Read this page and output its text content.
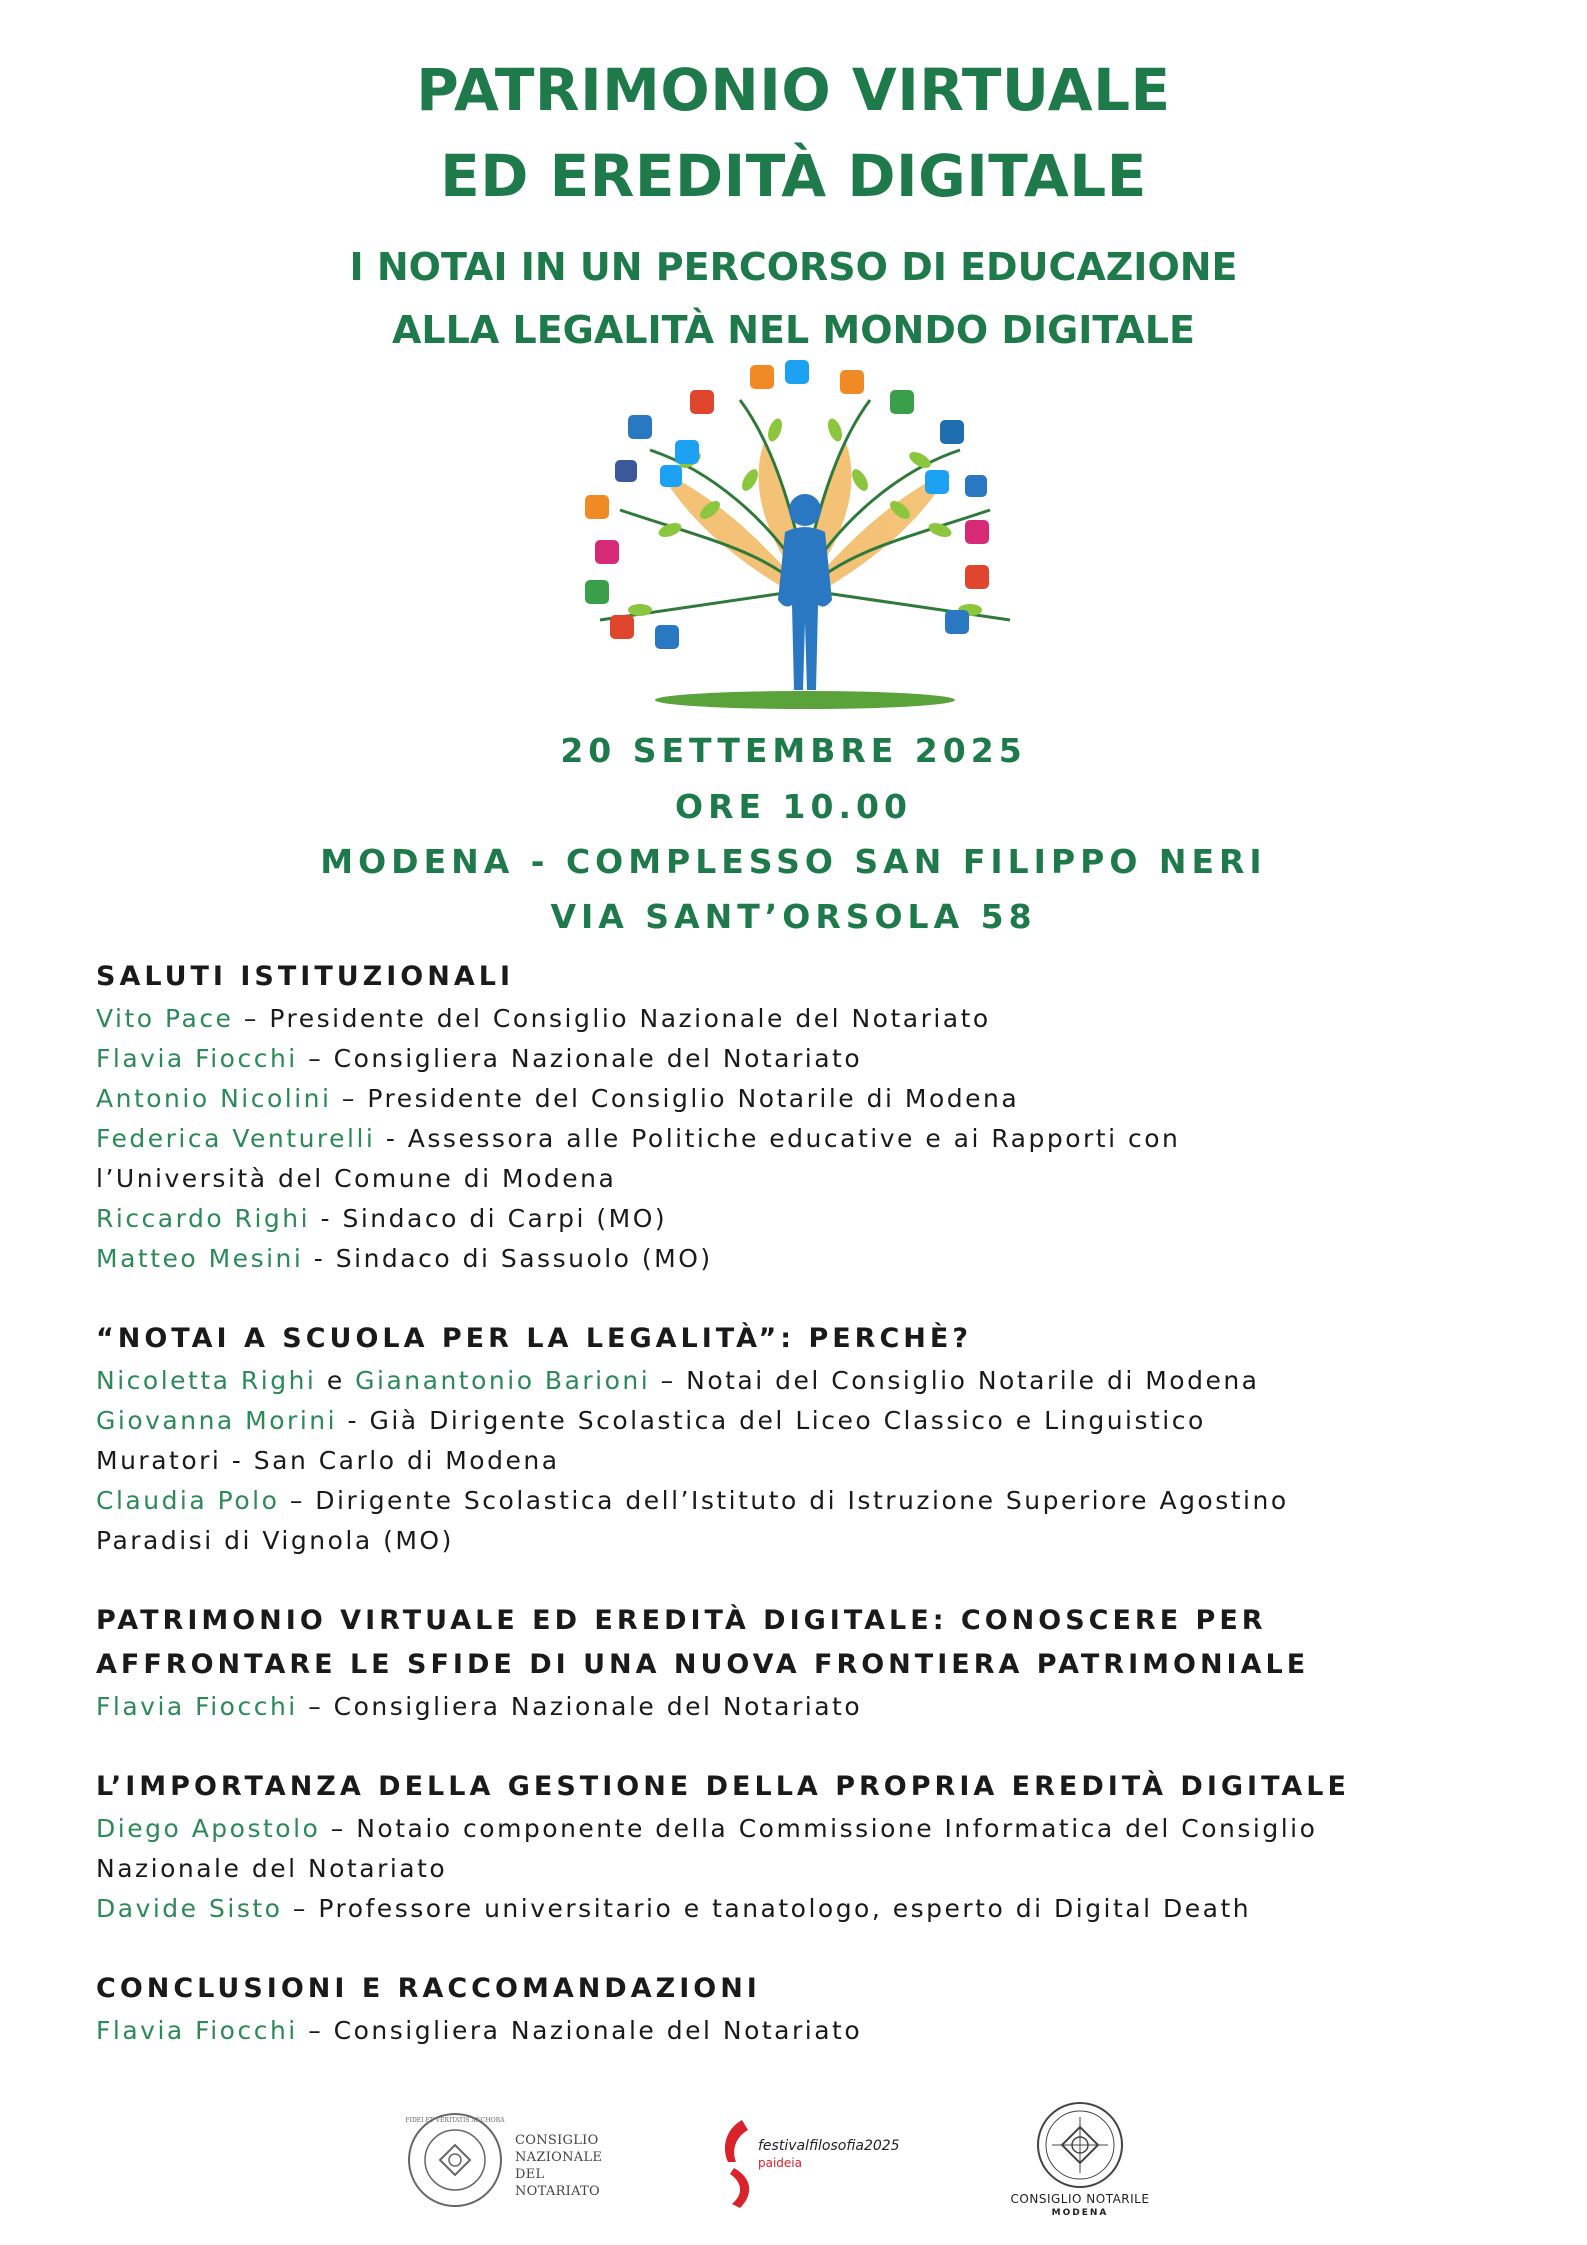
PATRIMONIO VIRTUALE
ED EREDITÀ DIGITALE
I NOTAI IN UN PERCORSO DI EDUCAZIONE
ALLA LEGALITÀ NEL MONDO DIGITALE
20 SETTEMBRE 2025
ORE 10.00
MODENA - COMPLESSO SAN FILIPPO NERI
VIA SANT’ORSOLA 58
SALUTI ISTITUZIONALI
Vito Pace – Presidente del Consiglio Nazionale del Notariato
Flavia Fiocchi – Consigliera Nazionale del Notariato
Antonio Nicolini – Presidente del Consiglio Notarile di Modena
Federica Venturelli - Assessora alle Politiche educative e ai Rapporti con
l’Università del Comune di Modena
Riccardo Righi - Sindaco di Carpi (MO)
Matteo Mesini - Sindaco di Sassuolo (MO)
“NOTAI A SCUOLA PER LA LEGALITÀ”: PERCHÈ?
Nicoletta Righi e Gianantonio Barioni – Notai del Consiglio Notarile di Modena
Giovanna Morini - Già Dirigente Scolastica del Liceo Classico e Linguistico
Muratori - San Carlo di Modena
Claudia Polo – Dirigente Scolastica dell’Istituto di Istruzione Superiore Agostino
Paradisi di Vignola (MO)
PATRIMONIO VIRTUALE ED EREDITÀ DIGITALE: CONOSCERE PER
AFFRONTARE LE SFIDE DI UNA NUOVA FRONTIERA PATRIMONIALE
Flavia Fiocchi – Consigliera Nazionale del Notariato
L’IMPORTANZA DELLA GESTIONE DELLA PROPRIA EREDITÀ DIGITALE
Diego Apostolo – Notaio componente della Commissione Informatica del Consiglio
Nazionale del Notariato
Davide Sisto – Professore universitario e tanatologo, esperto di Digital Death
CONCLUSIONI E RACCOMANDAZIONI
Flavia Fiocchi – Consigliera Nazionale del Notariato
FIDEI ET VERITATIS ANCHORA
CONSIGLIO
NAZIONALE
DEL
NOTARIATO
festivalfilosofia2025
paideia
CONSIGLIO NOTARILE
MODENA
